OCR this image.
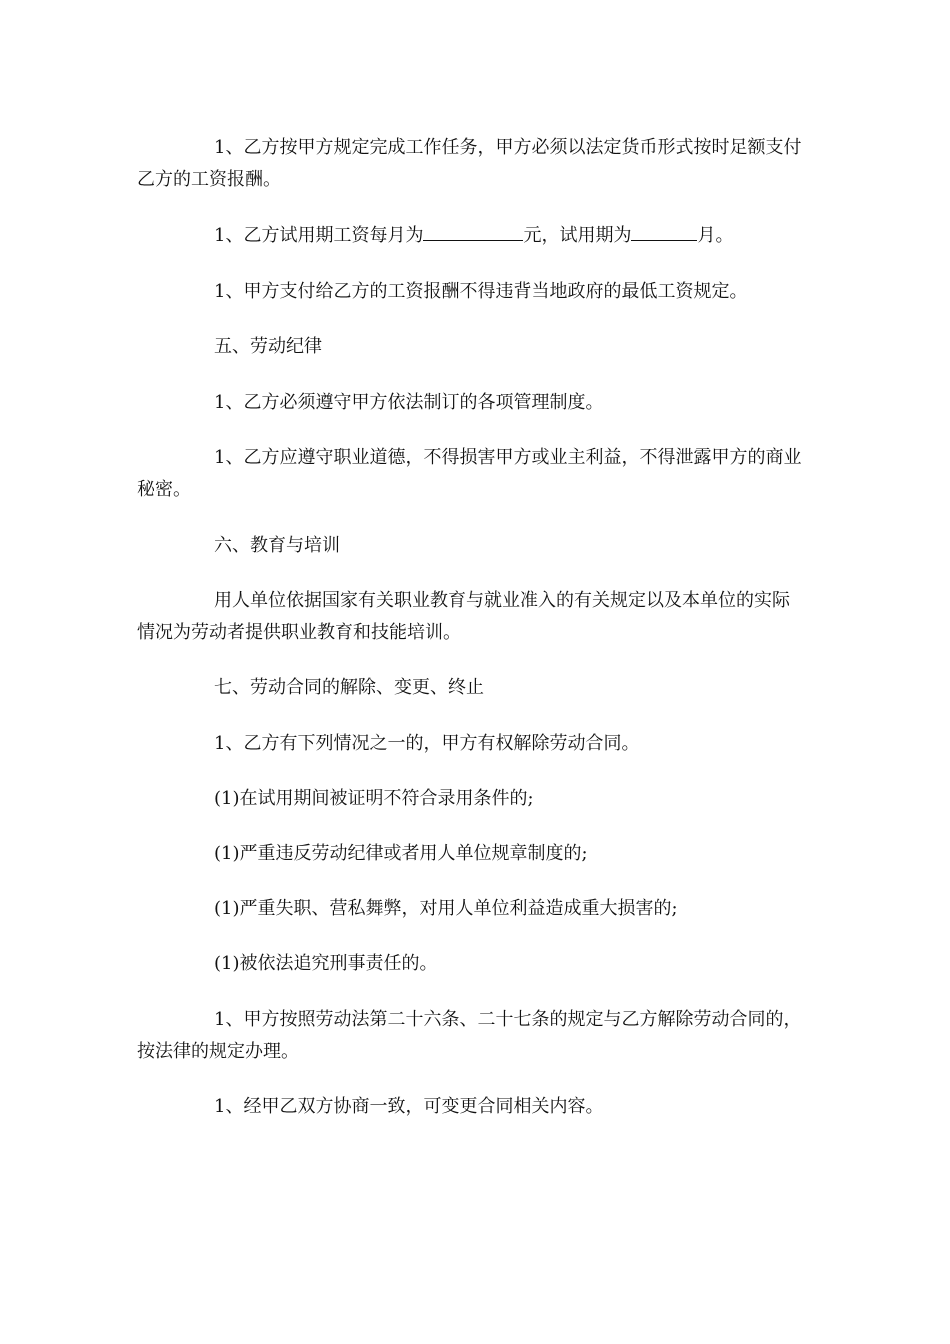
1、乙方按甲方规定完成工作任务，甲方必须以法定货币形式按时足额支付乙方的工资报酬。

1、乙方试用期工资每月为	元，试用期为	月。

1、甲方支付给乙方的工资报酬不得违背当地政府的最低工资规定。

五、劳动纪律

1、乙方必须遵守甲方依法制订的各项管理制度。

1、乙方应遵守职业道德，不得损害甲方或业主利益，不得泄露甲方的商业秘密。

六、教育与培训

用人单位依据国家有关职业教育与就业准入的有关规定以及本单位的实际情况为劳动者提供职业教育和技能培训。

七、劳动合同的解除、变更、终止

1、乙方有下列情况之一的，甲方有权解除劳动合同。

(1)在试用期间被证明不符合录用条件的;

(1)严重违反劳动纪律或者用人单位规章制度的;

(1)严重失职、营私舞弊，对用人单位利益造成重大损害的;

(1)被依法追究刑事责任的。

1、甲方按照劳动法第二十六条、二十七条的规定与乙方解除劳动合同的，按法律的规定办理。

1、经甲乙双方协商一致，可变更合同相关内容。
